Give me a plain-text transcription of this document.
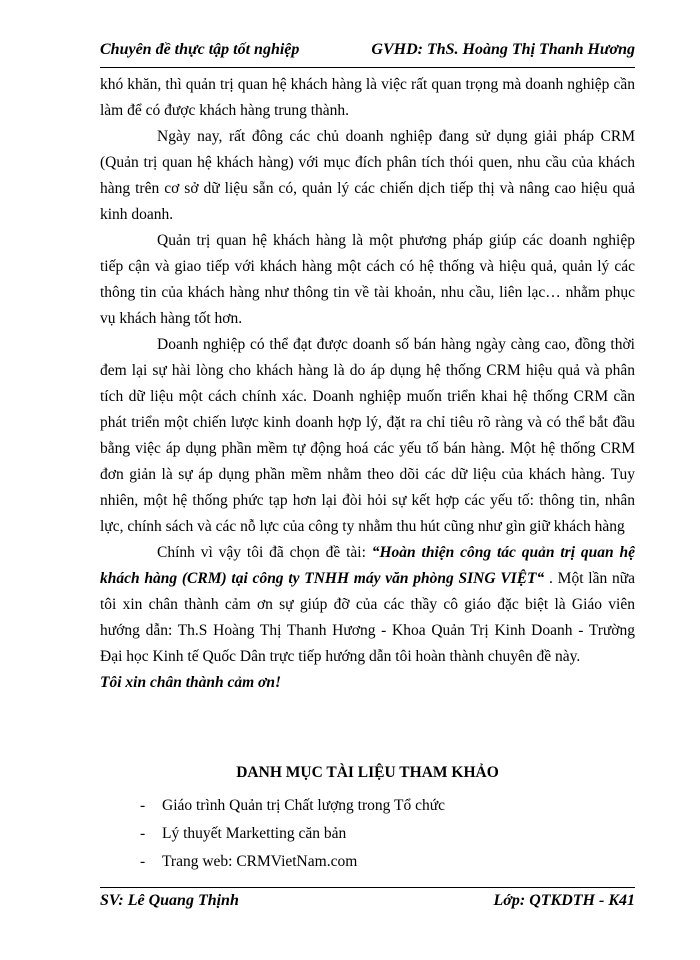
Chuyên đề thực tập tốt nghiệp	GVHD: ThS. Hoàng Thị Thanh Hương

khó khăn, thì quản trị quan hệ khách hàng là việc rất quan trọng mà doanh nghiệp cần làm để có được khách hàng trung thành.

Ngày nay, rất đông các chủ doanh nghiệp đang sử dụng giải pháp CRM (Quản trị quan hệ khách hàng) với mục đích phân tích thói quen, nhu cầu của khách hàng trên cơ sở dữ liệu sẵn có, quản lý các chiến dịch tiếp thị và nâng cao hiệu quả kinh doanh.

Quản trị quan hệ khách hàng là một phương pháp giúp các doanh nghiệp tiếp cận và giao tiếp với khách hàng một cách có hệ thống và hiệu quả, quản lý các thông tin của khách hàng như thông tin về tài khoản, nhu cầu, liên lạc… nhằm phục vụ khách hàng tốt hơn.

Doanh nghiệp có thể đạt được doanh số bán hàng ngày càng cao, đồng thời đem lại sự hài lòng cho khách hàng là do áp dụng hệ thống CRM hiệu quả và phân tích dữ liệu một cách chính xác. Doanh nghiệp muốn triển khai hệ thống CRM cần phát triển một chiến lược kinh doanh hợp lý, đặt ra chỉ tiêu rõ ràng và có thể bắt đầu bằng việc áp dụng phần mềm tự động hoá các yếu tố bán hàng. Một hệ thống CRM đơn giản là sự áp dụng phần mềm nhằm theo dõi các dữ liệu của khách hàng. Tuy nhiên, một hệ thống phức tạp hơn lại đòi hỏi sự kết hợp các yếu tố: thông tin, nhân lực, chính sách và các nỗ lực của công ty nhằm thu hút cũng như gìn giữ khách hàng

Chính vì vậy tôi đã chọn đề tài: “Hoàn thiện công tác quản trị quan hệ khách hàng (CRM) tại công ty TNHH máy văn phòng SING VIỆT“ . Một lần nữa tôi xin chân thành cảm ơn sự giúp đỡ của các thầy cô giáo đặc biệt là Giáo viên hướng dẫn: Th.S Hoàng Thị Thanh Hương - Khoa Quản Trị Kinh Doanh - Trường Đại học Kinh tế Quốc Dân trực tiếp hướng dẫn tôi hoàn thành chuyên đề này.

Tôi xin chân thành cảm ơn!

DANH MỤC TÀI LIỆU THAM KHẢO
- Giáo trình Quản trị Chất lượng trong Tổ chức
- Lý thuyết Marketting căn bản
- Trang web: CRMVietNam.com
SV: Lê Quang Thịnh	Lớp: QTKDTH - K41
